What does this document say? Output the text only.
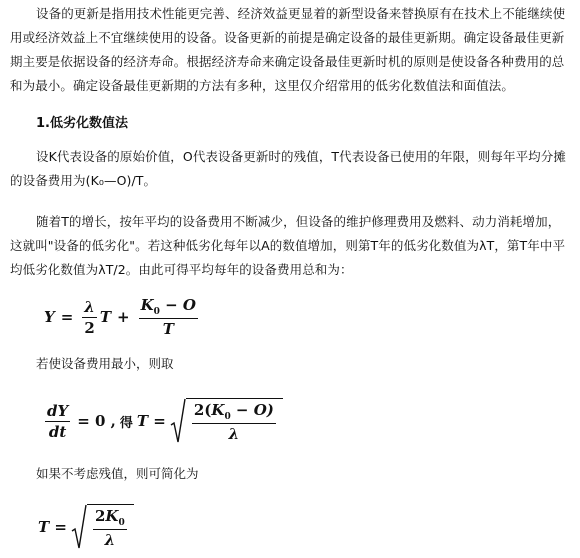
设备的更新是指用技术性能更完善、经济效益更显着的新型设备来替换原有在技术上不能继续使用或经济效益上不宜继续使用的设备。设备更新的前提是确定设备的最佳更新期。确定设备最佳更新期主要是依据设备的经济寿命。根据经济寿命来确定设备最佳更新时机的原则是使设备各种费用的总和为最小。确定设备最佳更新期的方法有多种，这里仅介绍常用的低劣化数值法和面值法。

1.低劣化数值法

设K代表设备的原始价值，O代表设备更新时的残值，T代表设备已使用的年限，则每年平均分摊的设备费用为(K₀—O)/T。

随着T的增长，按年平均的设备费用不断减少，但设备的维护修理费用及燃料、动力消耗增加，这就叫"设备的低劣化"。若这种低劣化每年以A的数值增加，则第T年的低劣化数值为λT，第T年中平均低劣化数值为λT/2。由此可得平均每年的设备费用总和为：

$Y = \frac{\lambda}{2}$ $T + \frac{K_0 - O}{T}$

若使设备费用最小，则取

$\frac{dY}{dt} = 0$ , 得 $T = \frac{2(K_0 - O)}{\lambda}$

如果不考虑残值，则可简化为

$T = \frac{2K_0}{\lambda}$
